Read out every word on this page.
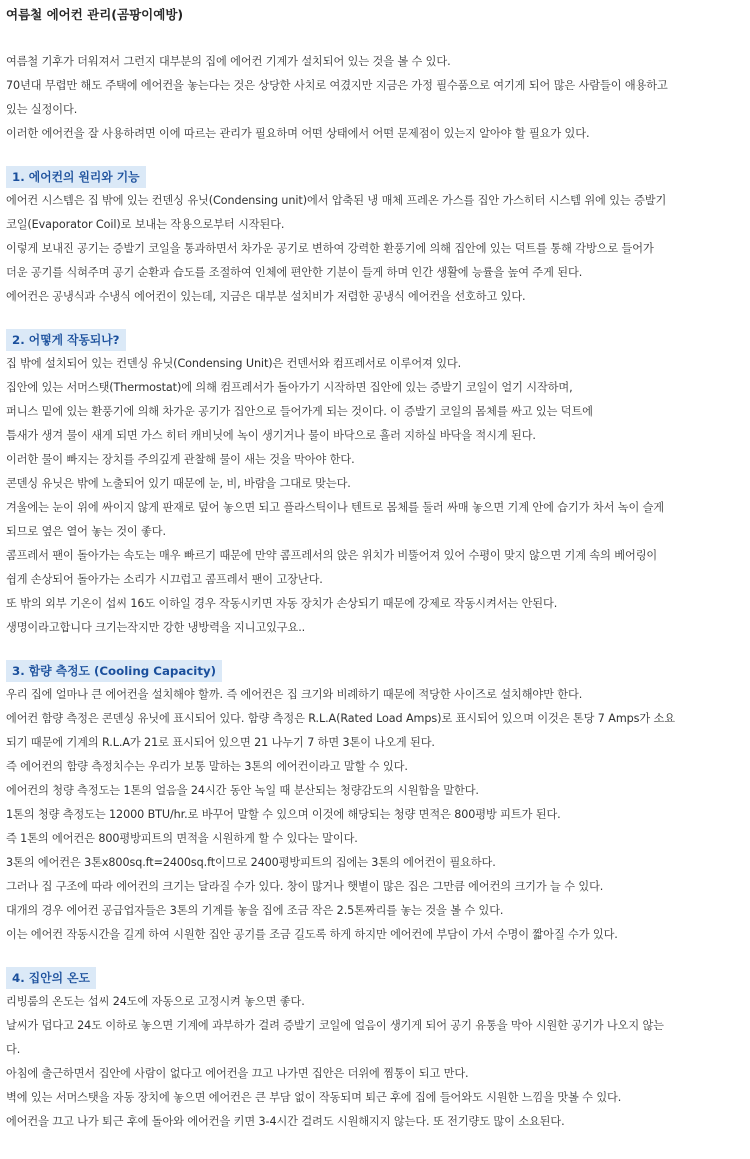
여름철 에어컨 관리(곰팡이예방)
여름철 기후가 더워져서 그런지 대부분의 집에 에어컨 기계가 설치되어 있는 것을 볼 수 있다.
70년대 무렵만 해도 주택에 에어컨을 놓는다는 것은 상당한 사치로 여겼지만 지금은 가정 필수품으로 여기게 되어 많은 사람들이 애용하고
있는 실정이다.
이러한 에어컨을 잘 사용하려면 이에 따르는 관리가 필요하며 어떤 상태에서 어떤 문제점이 있는지 알아야 할 필요가 있다.
1. 에어컨의 원리와 기능
에어컨 시스템은 집 밖에 있는 컨덴싱 유닛(Condensing unit)에서 압축된 냉 매체 프레온 가스를 집안 가스히터 시스템 위에 있는 증발기
코일(Evaporator Coil)로 보내는 작용으로부터 시작된다.
이렇게 보내진 공기는 증발기 코일을 통과하면서 차가운 공기로 변하여 강력한 환풍기에 의해 집안에 있는 덕트를 통해 각방으로 들어가
더운 공기를 식혀주며 공기 순환과 습도를 조절하여 인체에 편안한 기분이 들게 하며 인간 생활에 능률을 높여 주게 된다.
에어컨은 공냉식과 수냉식 에어컨이 있는데, 지금은 대부분 설치비가 저렴한 공냉식 에어컨을 선호하고 있다.
2. 어떻게 작동되나?
집 밖에 설치되어 있는 컨덴싱 유닛(Condensing Unit)은 컨덴서와 컴프레서로 이루어져 있다.
집안에 있는 서머스탯(Thermostat)에 의해 컴프레서가 돌아가기 시작하면 집안에 있는 증발기 코일이 얼기 시작하며,
퍼니스 밑에 있는 환풍기에 의해 차가운 공기가 집안으로 들어가게 되는 것이다. 이 증발기 코일의 몸체를 싸고 있는 덕트에
틈새가 생겨 물이 새게 되면 가스 히터 캐비닛에 녹이 생기거나 물이 바닥으로 흘러 지하실 바닥을 적시게 된다.
이러한 물이 빠지는 장치를 주의깊게 관찰해 물이 새는 것을 막아야 한다.
콘덴싱 유닛은 밖에 노출되어 있기 때문에 눈, 비, 바람을 그대로 맞는다.
겨울에는 눈이 위에 싸이지 않게 판재로 덮어 놓으면 되고 플라스틱이나 텐트로 몸체를 둘러 싸매 놓으면 기계 안에 습기가 차서 녹이 슬게
되므로 옆은 열어 놓는 것이 좋다.
콤프레서 팬이 돌아가는 속도는 매우 빠르기 때문에 만약 콤프레서의 앉은 위치가 비뚤어져 있어 수평이 맞지 않으면 기계 속의 베어링이
쉽게 손상되어 돌아가는 소리가 시끄럽고 콤프레서 팬이 고장난다.
또 밖의 외부 기온이 섭씨 16도 이하일 경우 작동시키면 자동 장치가 손상되기 때문에 강제로 작동시켜서는 안된다.
생명이라고합니다 크기는작지만 강한 냉방력을 지니고있구요..
3. 함량 측정도 (Cooling Capacity)
우리 집에 얼마나 큰 에어컨을 설치해야 할까. 즉 에어컨은 집 크기와 비례하기 때문에 적당한 사이즈로 설치해야만 한다.
에어컨 함량 측정은 콘덴싱 유닛에 표시되어 있다. 함량 측정은 R.L.A(Rated Load Amps)로 표시되어 있으며 이것은 톤당 7 Amps가 소요
되기 때문에 기계의 R.L.A가 21로 표시되어 있으면 21 나누기 7 하면 3톤이 나오게 된다.
즉 에어컨의 함량 측정치수는 우리가 보통 말하는 3톤의 에어컨이라고 말할 수 있다.
에어컨의 청량 측정도는 1톤의 얼음을 24시간 동안 녹일 때 분산되는 청량감도의 시원함을 말한다.
1톤의 청량 측정도는 12000 BTU/hr.로 바꾸어 말할 수 있으며 이것에 해당되는 청량 면적은 800평방 피트가 된다.
즉 1톤의 에어컨은 800평방피트의 면적을 시원하게 할 수 있다는 말이다.
3톤의 에어컨은 3톤x800sq.ft=2400sq.ft이므로 2400평방피트의 집에는 3톤의 에어컨이 필요하다.
그러나 집 구조에 따라 에어컨의 크기는 달라질 수가 있다. 창이 많거나 햇볕이 많은 집은 그만큼 에어컨의 크기가 늘 수 있다.
대개의 경우 에어컨 공급업자들은 3톤의 기계를 놓을 집에 조금 작은 2.5톤짜리를 놓는 것을 볼 수 있다.
이는 에어컨 작동시간을 길게 하여 시원한 집안 공기를 조금 길도록 하게 하지만 에어컨에 부담이 가서 수명이 짧아질 수가 있다.
4. 집안의 온도
리빙룸의 온도는 섭씨 24도에 자동으로 고정시켜 놓으면 좋다.
날씨가 덥다고 24도 이하로 놓으면 기계에 과부하가 걸려 증발기 코일에 얼음이 생기게 되어 공기 유통을 막아 시원한 공기가 나오지 않는
다.
아침에 출근하면서 집안에 사람이 없다고 에어컨을 끄고 나가면 집안은 더위에 찜통이 되고 만다.
벽에 있는 서머스탯을 자동 장치에 놓으면 에어컨은 큰 부담 없이 작동되며 퇴근 후에 집에 들어와도 시원한 느낌을 맛볼 수 있다.
에어컨을 끄고 나가 퇴근 후에 돌아와 에어컨을 키면 3-4시간 걸려도 시원해지지 않는다. 또 전기량도 많이 소요된다.
